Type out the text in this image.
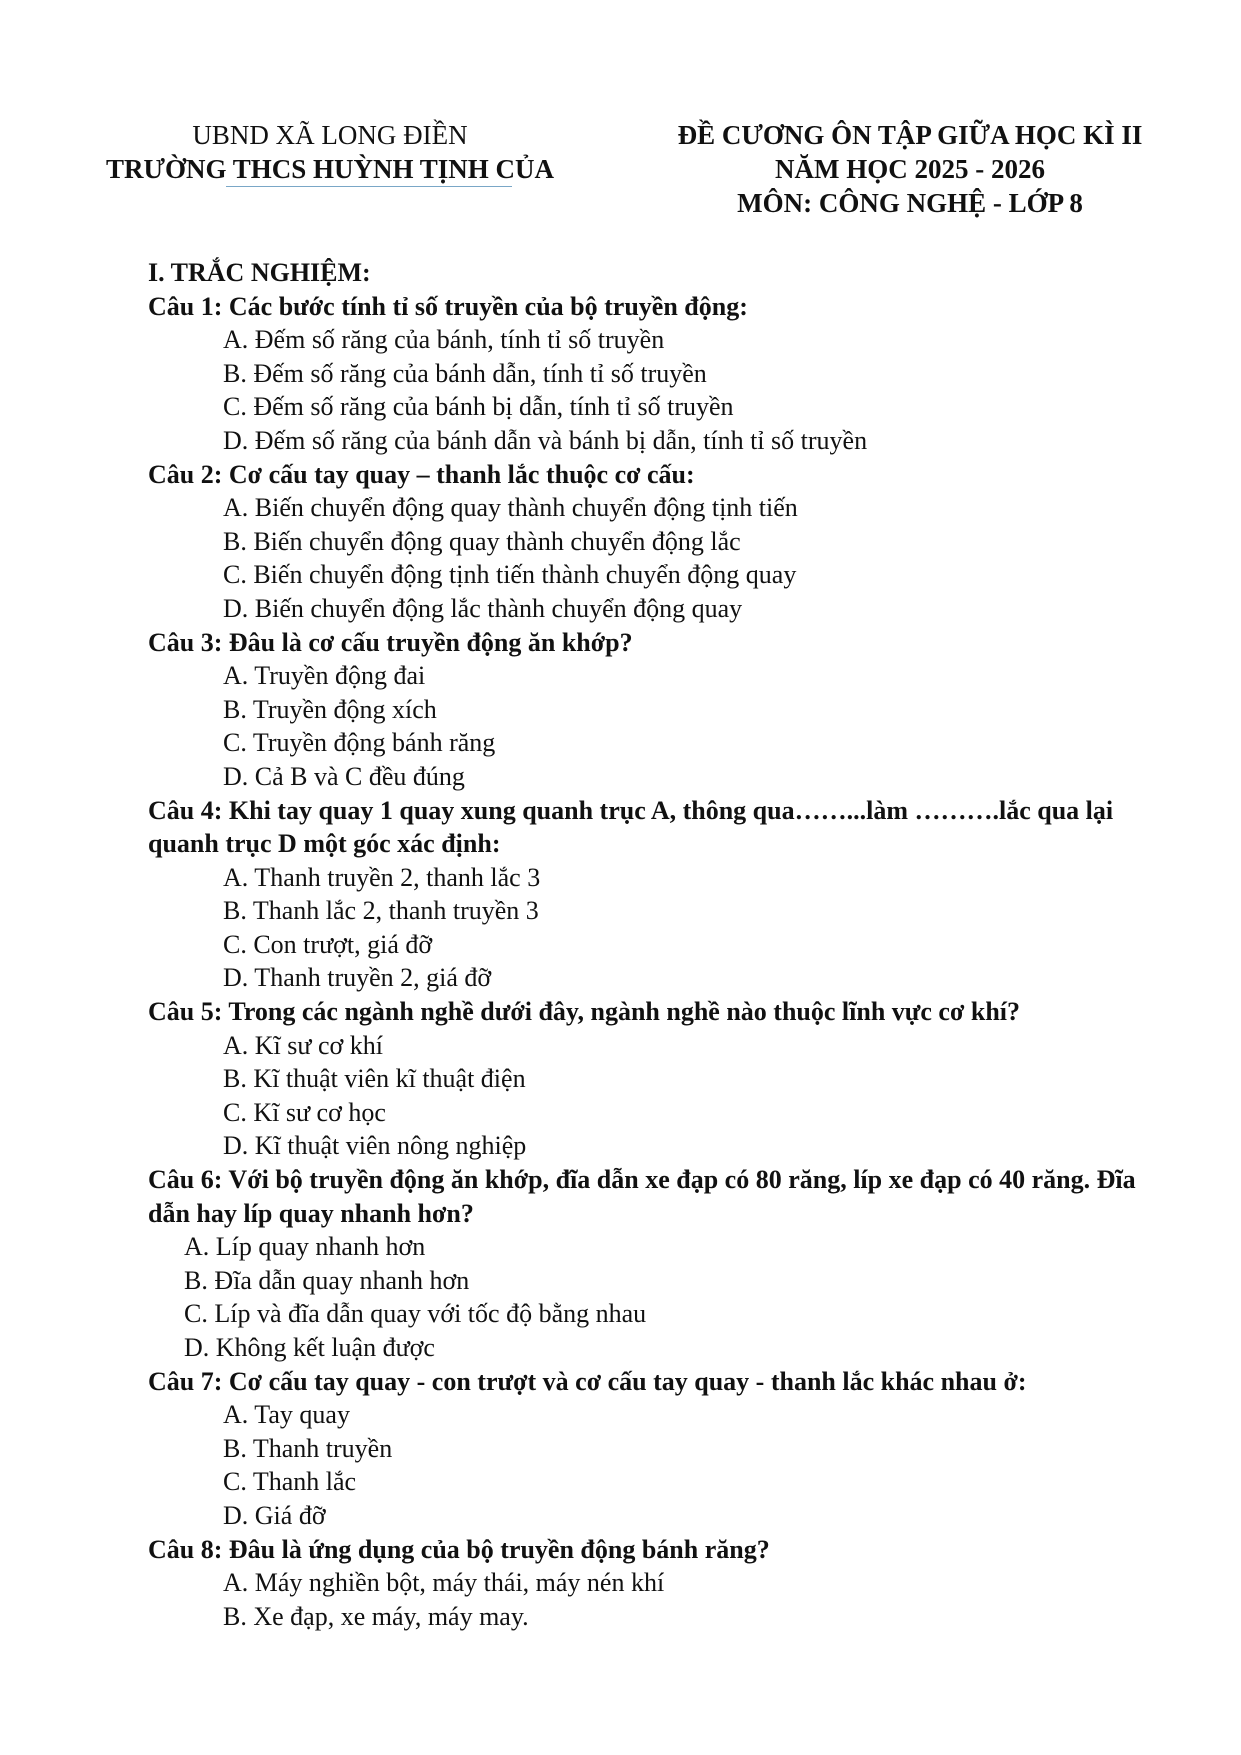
UBND XÃ LONG ĐIỀN
TRƯỜNG THCS HUỲNH TỊNH CỦA
ĐỀ CƯƠNG ÔN TẬP GIỮA HỌC KÌ II
NĂM HỌC 2025 - 2026
MÔN: CÔNG NGHỆ - LỚP 8
I. TRẮC NGHIỆM:
Câu 1: Các bước tính tỉ số truyền của bộ truyền động:
A. Đếm số răng của bánh, tính tỉ số truyền
B. Đếm số răng của bánh dẫn, tính tỉ số truyền
C. Đếm số răng của bánh bị dẫn, tính tỉ số truyền
D. Đếm số răng của bánh dẫn và bánh bị dẫn, tính tỉ số truyền
Câu 2: Cơ cấu tay quay – thanh lắc thuộc cơ cấu:
A. Biến chuyển động quay thành chuyển động tịnh tiến
B. Biến chuyển động quay thành chuyển động lắc
C. Biến chuyển động tịnh tiến thành chuyển động quay
D. Biến chuyển động lắc thành chuyển động quay
Câu 3: Đâu là cơ cấu truyền động ăn khớp?
A. Truyền động đai
B. Truyền động xích
C. Truyền động bánh răng
D. Cả B và C đều đúng
Câu 4: Khi tay quay 1 quay xung quanh trục A, thông qua……...làm ……….lắc qua lại quanh trục D một góc xác định:
A. Thanh truyền 2, thanh lắc 3
B. Thanh lắc 2, thanh truyền 3
C. Con trượt, giá đỡ
D. Thanh truyền 2, giá đỡ
Câu 5: Trong các ngành nghề dưới đây, ngành nghề nào thuộc lĩnh vực cơ khí?
A. Kĩ sư cơ khí
B. Kĩ thuật viên kĩ thuật điện
C. Kĩ sư cơ học
D. Kĩ thuật viên nông nghiệp
Câu 6: Với bộ truyền động ăn khớp, đĩa dẫn xe đạp có 80 răng, líp xe đạp có 40 răng. Đĩa dẫn hay líp quay nhanh hơn?
A. Líp quay nhanh hơn
B. Đĩa dẫn quay nhanh hơn
C. Líp và đĩa dẫn quay với tốc độ bằng nhau
D. Không kết luận được
Câu 7: Cơ cấu tay quay - con trượt và cơ cấu tay quay - thanh lắc khác nhau ở:
A. Tay quay
B. Thanh truyền
C. Thanh lắc
D. Giá đỡ
Câu 8: Đâu là ứng dụng của bộ truyền động bánh răng?
A. Máy nghiền bột, máy thái, máy nén khí
B. Xe đạp, xe máy, máy may.
